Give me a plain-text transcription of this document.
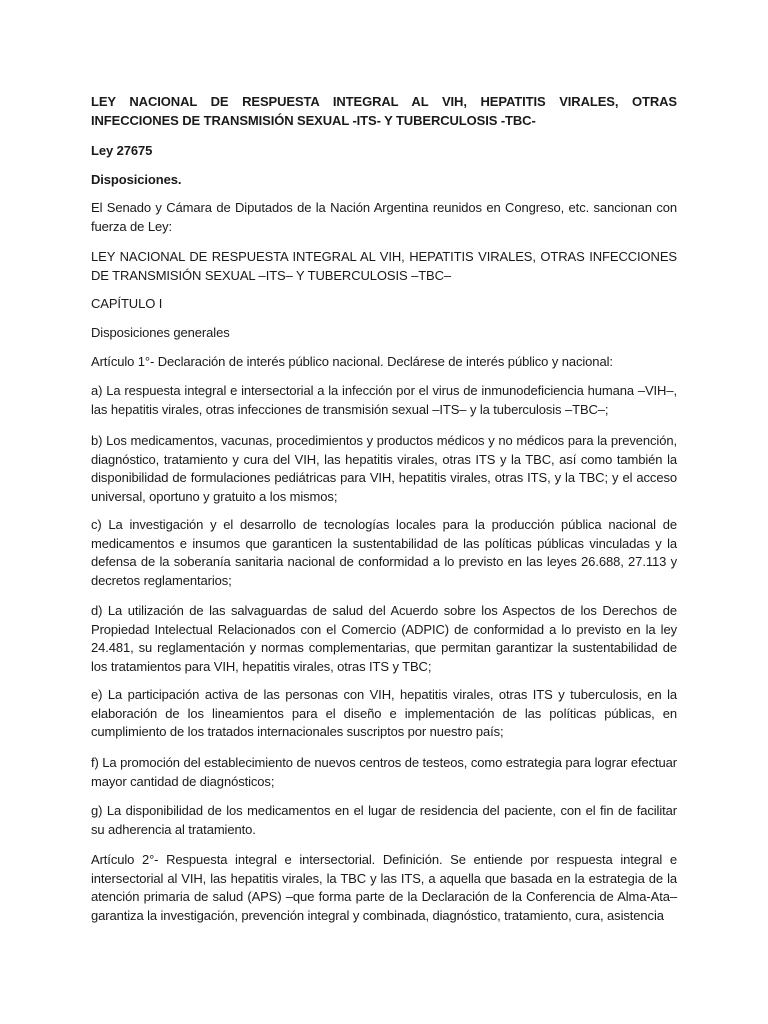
LEY NACIONAL DE RESPUESTA INTEGRAL AL VIH, HEPATITIS VIRALES, OTRAS INFECCIONES DE TRANSMISIÓN SEXUAL -ITS- Y TUBERCULOSIS -TBC-

Ley 27675

Disposiciones.

El Senado y Cámara de Diputados de la Nación Argentina reunidos en Congreso, etc. sancionan con fuerza de Ley:

LEY NACIONAL DE RESPUESTA INTEGRAL AL VIH, HEPATITIS VIRALES, OTRAS INFECCIONES DE TRANSMISIÓN SEXUAL –ITS– Y TUBERCULOSIS –TBC–

CAPÍTULO I

Disposiciones generales

Artículo 1°- Declaración de interés público nacional. Declárese de interés público y nacional:

a) La respuesta integral e intersectorial a la infección por el virus de inmunodeficiencia humana –VIH–, las hepatitis virales, otras infecciones de transmisión sexual –ITS– y la tuberculosis –TBC–;

b) Los medicamentos, vacunas, procedimientos y productos médicos y no médicos para la prevención, diagnóstico, tratamiento y cura del VIH, las hepatitis virales, otras ITS y la TBC, así como también la disponibilidad de formulaciones pediátricas para VIH, hepatitis virales, otras ITS, y la TBC; y el acceso universal, oportuno y gratuito a los mismos;

c) La investigación y el desarrollo de tecnologías locales para la producción pública nacional de medicamentos e insumos que garanticen la sustentabilidad de las políticas públicas vinculadas y la defensa de la soberanía sanitaria nacional de conformidad a lo previsto en las leyes 26.688, 27.113 y decretos reglamentarios;

d) La utilización de las salvaguardas de salud del Acuerdo sobre los Aspectos de los Derechos de Propiedad Intelectual Relacionados con el Comercio (ADPIC) de conformidad a lo previsto en la ley 24.481, su reglamentación y normas complementarias, que permitan garantizar la sustentabilidad de los tratamientos para VIH, hepatitis virales, otras ITS y TBC;

e) La participación activa de las personas con VIH, hepatitis virales, otras ITS y tuberculosis, en la elaboración de los lineamientos para el diseño e implementación de las políticas públicas, en cumplimiento de los tratados internacionales suscriptos por nuestro país;

f) La promoción del establecimiento de nuevos centros de testeos, como estrategia para lograr efectuar mayor cantidad de diagnósticos;

g) La disponibilidad de los medicamentos en el lugar de residencia del paciente, con el fin de facilitar su adherencia al tratamiento.

Artículo 2°- Respuesta integral e intersectorial. Definición. Se entiende por respuesta integral e intersectorial al VIH, las hepatitis virales, la TBC y las ITS, a aquella que basada en la estrategia de la atención primaria de salud (APS) –que forma parte de la Declaración de la Conferencia de Alma-Ata– garantiza la investigación, prevención integral y combinada, diagnóstico, tratamiento, cura, asistencia
